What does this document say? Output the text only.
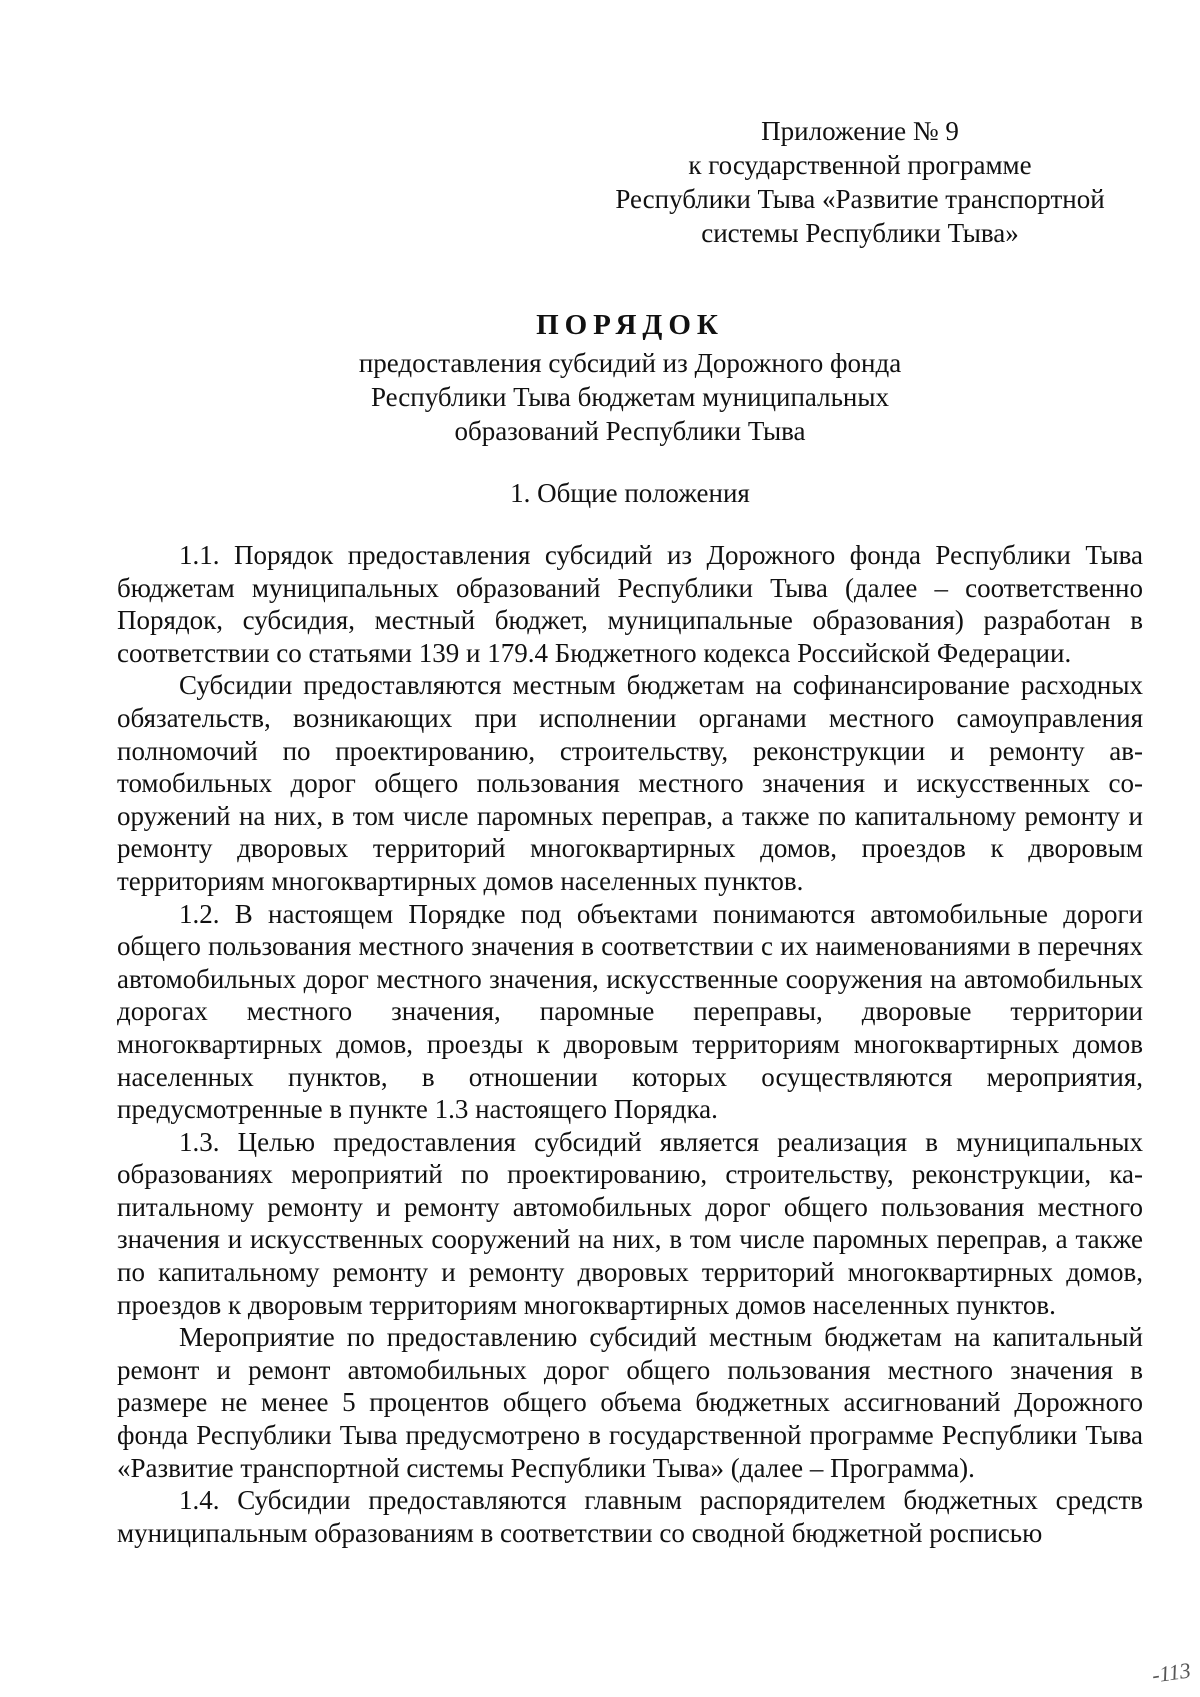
Приложение № 9
к государственной программе
Республики Тыва «Развитие транспортной
системы Республики Тыва»
ПОРЯДОК
предоставления субсидий из Дорожного фонда
Республики Тыва бюджетам муниципальных
образований Республики Тыва
1. Общие положения

1.1. Порядок предоставления субсидий из Дорожного фонда Республики Тыва бюджетам муниципальных образований Республики Тыва (далее – соответственно Порядок, субсидия, местный бюджет, муниципальные образования) разработан в соответствии со статьями 139 и 179.4 Бюджетного кодекса Российской Федерации.

Субсидии предоставляются местным бюджетам на софинансирование расходных обязательств, возникающих при исполнении органами местного самоуправления полномочий по проектированию, строительству, реконструкции и ремонту автомобильных дорог общего пользования местного значения и искусственных сооружений на них, в том числе паромных переправ, а также по капитальному ремонту и ремонту дворовых территорий многоквартирных домов, проездов к дворовым территориям многоквартирных домов населенных пунктов.

1.2. В настоящем Порядке под объектами понимаются автомобильные дороги общего пользования местного значения в соответствии с их наименованиями в перечнях автомобильных дорог местного значения, искусственные сооружения на автомобильных дорогах местного значения, паромные переправы, дворовые территории многоквартирных домов, проезды к дворовым территориям многоквартирных домов населенных пунктов, в отношении которых осуществляются мероприятия, предусмотренные в пункте 1.3 настоящего Порядка.

1.3. Целью предоставления субсидий является реализация в муниципальных образованиях мероприятий по проектированию, строительству, реконструкции, капитальному ремонту и ремонту автомобильных дорог общего пользования местного значения и искусственных сооружений на них, в том числе паромных переправ, а также по капитальному ремонту и ремонту дворовых территорий многоквартирных домов, проездов к дворовым территориям многоквартирных домов населенных пунктов.

Мероприятие по предоставлению субсидий местным бюджетам на капитальный ремонт и ремонт автомобильных дорог общего пользования местного значения в размере не менее 5 процентов общего объема бюджетных ассигнований Дорожного фонда Республики Тыва предусмотрено в государственной программе Республики Тыва «Развитие транспортной системы Республики Тыва» (далее – Программа).

1.4. Субсидии предоставляются главным распорядителем бюджетных средств муниципальным образованиям в соответствии со сводной бюджетной росписью

-113
